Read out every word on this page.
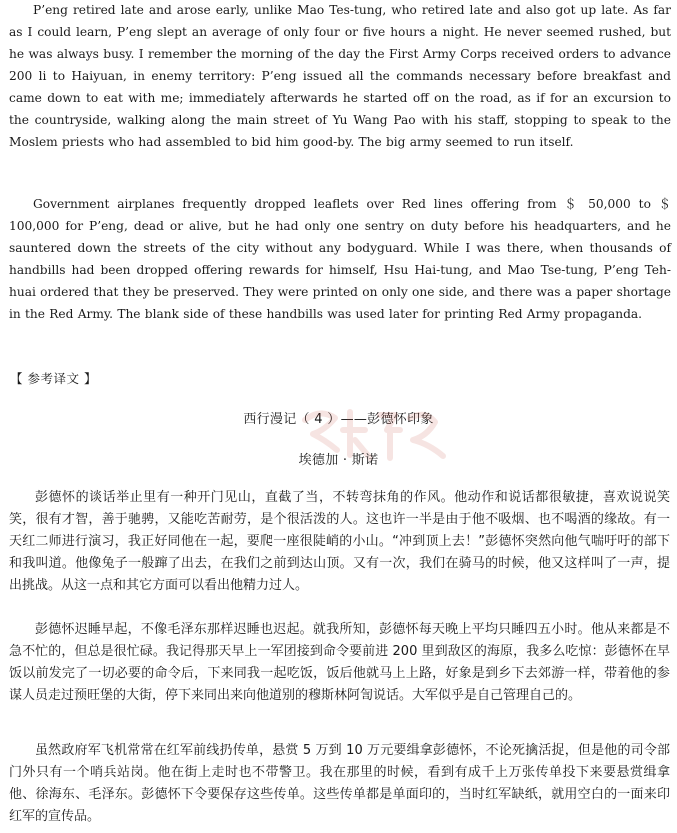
P’eng retired late and arose early, unlike Mao Tes-tung, who retired late and also got up late. As far as I could learn, P’eng slept an average of only four or five hours a night. He never seemed rushed, but he was always busy. I remember the morning of the day the First Army Corps received orders to advance 200 li to Haiyuan, in enemy territory: P’eng issued all the commands necessary before breakfast and came down to eat with me; immediately afterwards he started off on the road, as if for an excursion to the countryside, walking along the main street of Yu Wang Pao with his staff, stopping to speak to the Moslem priests who had assembled to bid him good-by. The big army seemed to run itself.

Government airplanes frequently dropped leaflets over Red lines offering from ＄ 50,000 to ＄ 100,000 for P’eng, dead or alive, but he had only one sentry on duty before his headquarters, and he sauntered down the streets of the city without any bodyguard. While I was there, when thousands of handbills had been dropped offering rewards for himself, Hsu Hai-tung, and Mao Tse-tung, P’eng Teh-huai ordered that they be preserved. They were printed on only one side, and there was a paper shortage in the Red Army. The blank side of these handbills was used later for printing Red Army propaganda.

【 参考译文 】
西行漫记（ 4 ）——彭德怀印象
埃德加 · 斯诺

彭德怀的谈话举止里有一种开门见山，直截了当，不转弯抹角的作风。他动作和说话都很敏捷，喜欢说说笑笑，很有才智，善于驰骋，又能吃苦耐劳，是个很活泼的人。这也许一半是由于他不吸烟、也不喝酒的缘故。有一天红二师进行演习，我正好同他在一起，要爬一座很陡峭的小山。“冲到顶上去！”彭德怀突然向他气喘吁吁的部下和我叫道。他像兔子一般蹿了出去，在我们之前到达山顶。又有一次，我们在骑马的时候，他又这样叫了一声，提出挑战。从这一点和其它方面可以看出他精力过人。

彭德怀迟睡早起，不像毛泽东那样迟睡也迟起。就我所知，彭德怀每天晚上平均只睡四五小时。他从来都是不急不忙的，但总是很忙碌。我记得那天早上一军团接到命令要前进 200 里到敌区的海原，我多么吃惊：彭德怀在早饭以前发完了一切必要的命令后，下来同我一起吃饭，饭后他就马上上路，好象是到乡下去郊游一样，带着他的参谋人员走过预旺堡的大街，停下来同出来向他道别的穆斯林阿訇说话。大军似乎是自己管理自己的。

虽然政府军飞机常常在红军前线扔传单，悬赏 5 万到 10 万元要缉拿彭德怀，不论死擒活捉，但是他的司令部门外只有一个哨兵站岗。他在街上走时也不带警卫。我在那里的时候，看到有成千上万张传单投下来要悬赏缉拿他、徐海东、毛泽东。彭德怀下令要保存这些传单。这些传单都是单面印的，当时红军缺纸，就用空白的一面来印红军的宣传品。
